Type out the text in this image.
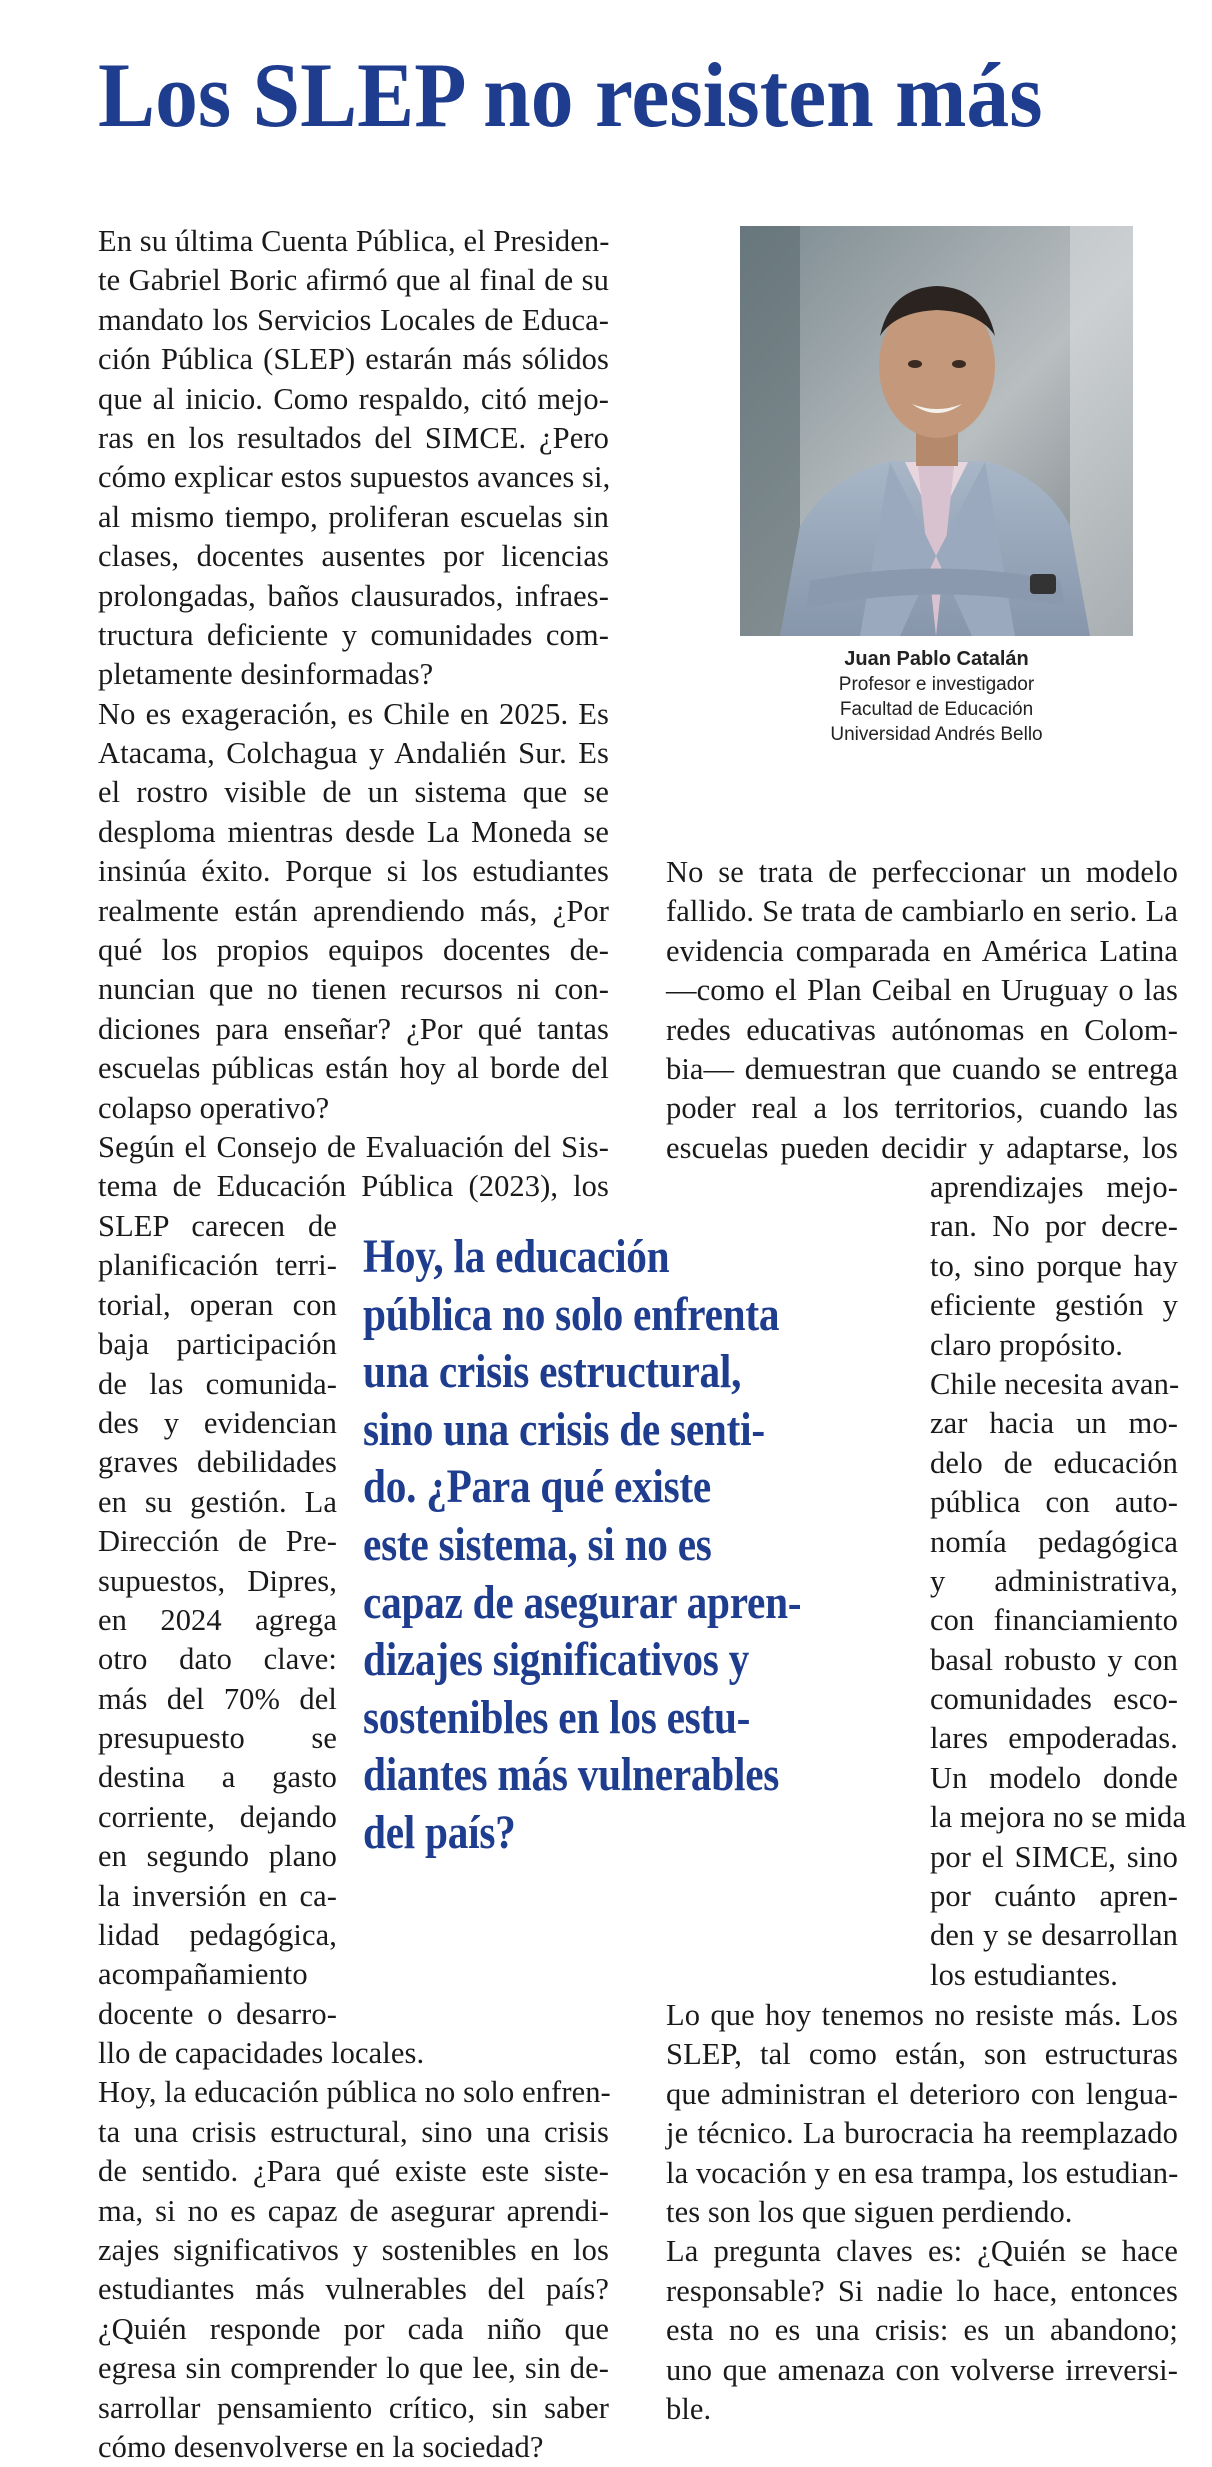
Los SLEP no resisten más
Juan Pablo Catalán
Profesor e investigador
Facultad de Educación
Universidad Andrés Bello
En su última Cuenta Pública, el Presiden-
te Gabriel Boric afirmó que al final de su
mandato los Servicios Locales de Educa-
ción Pública (SLEP) estarán más sólidos
que al inicio. Como respaldo, citó mejo-
ras en los resultados del SIMCE. ¿Pero
cómo explicar estos supuestos avances si,
al mismo tiempo, proliferan escuelas sin
clases, docentes ausentes por licencias
prolongadas, baños clausurados, infraes-
tructura deficiente y comunidades com-
pletamente desinformadas?
No es exageración, es Chile en 2025. Es
Atacama, Colchagua y Andalién Sur. Es
el rostro visible de un sistema que se
desploma mientras desde La Moneda se
insinúa éxito. Porque si los estudiantes
realmente están aprendiendo más, ¿Por
qué los propios equipos docentes de-
nuncian que no tienen recursos ni con-
diciones para enseñar? ¿Por qué tantas
escuelas públicas están hoy al borde del
colapso operativo?
Según el Consejo de Evaluación del Sis-
tema de Educación Pública (2023), los
SLEP carecen de
planificación terri-
torial, operan con
baja participación
de las comunida-
des y evidencian
graves debilidades
en su gestión. La
Dirección de Pre-
supuestos, Dipres,
en 2024 agrega
otro dato clave:
más del 70% del
presupuesto se
destina a gasto
corriente, dejando
en segundo plano
la inversión en ca-
lidad pedagógica,
acompañamiento
docente o desarro-
llo de capacidades locales.
Hoy, la educación pública no solo enfren-
ta una crisis estructural, sino una crisis
de sentido. ¿Para qué existe este siste-
ma, si no es capaz de asegurar aprendi-
zajes significativos y sostenibles en los
estudiantes más vulnerables del país?
¿Quién responde por cada niño que
egresa sin comprender lo que lee, sin de-
sarrollar pensamiento crítico, sin saber
cómo desenvolverse en la sociedad?
No se trata de perfeccionar un modelo
fallido. Se trata de cambiarlo en serio. La
evidencia comparada en América Latina
—como el Plan Ceibal en Uruguay o las
redes educativas autónomas en Colom-
bia— demuestran que cuando se entrega
poder real a los territorios, cuando las
escuelas pueden decidir y adaptarse, los
aprendizajes mejo-
ran. No por decre-
to, sino porque hay
eficiente gestión y
claro propósito.
Chile necesita avan-
zar hacia un mo-
delo de educación
pública con auto-
nomía pedagógica
y administrativa,
con financiamiento
basal robusto y con
comunidades esco-
lares empoderadas.
Un modelo donde
la mejora no se mida
por el SIMCE, sino
por cuánto apren-
den y se desarrollan
los estudiantes.
Lo que hoy tenemos no resiste más. Los
SLEP, tal como están, son estructuras
que administran el deterioro con lengua-
je técnico. La burocracia ha reemplazado
la vocación y en esa trampa, los estudian-
tes son los que siguen perdiendo.
La pregunta claves es: ¿Quién se hace
responsable? Si nadie lo hace, entonces
esta no es una crisis: es un abandono;
uno que amenaza con volverse irreversi-
ble.
Hoy, la educación
pública no solo enfrenta
una crisis estructural,
sino una crisis de senti-
do. ¿Para qué existe
este sistema, si no es
capaz de asegurar apren-
dizajes significativos y
sostenibles en los estu-
diantes más vulnerables
del país?
